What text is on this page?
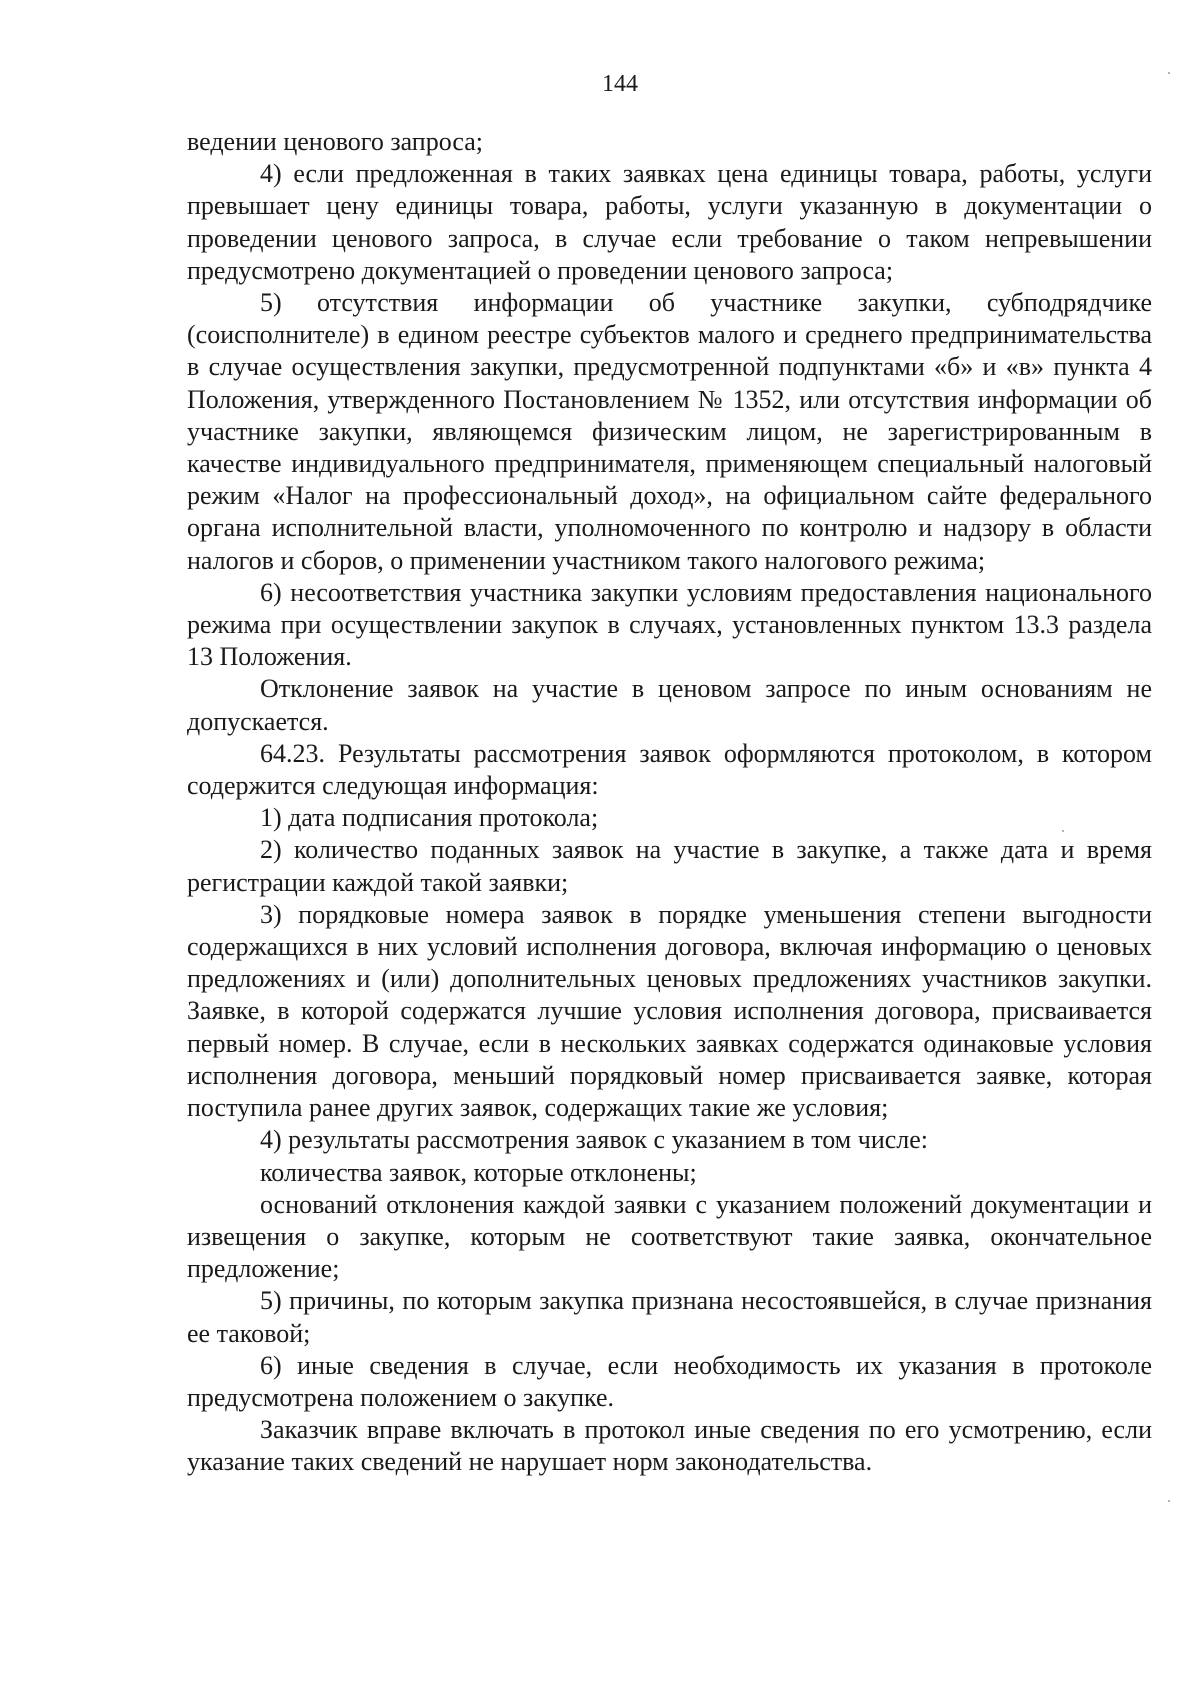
144

ведении ценового запроса;

4) если предложенная в таких заявках цена единицы товара, работы, услуги превышает цену единицы товара, работы, услуги указанную в документации о проведении ценового запроса, в случае если требование о таком непревышении предусмотрено документацией о проведении ценового запроса;

5) отсутствия информации об участнике закупки, субподрядчике (соисполнителе) в едином реестре субъектов малого и среднего предпринимательства в случае осуществления закупки, предусмотренной подпунктами «б» и «в» пункта 4 Положения, утвержденного Постановлением № 1352, или отсутствия информации об участнике закупки, являющемся физическим лицом, не зарегистрированным в качестве индивидуального предпринимателя, применяющем специальный налоговый режим «Налог на профессиональный доход», на официальном сайте федерального органа исполнительной власти, уполномоченного по контролю и надзору в области налогов и сборов, о применении участником такого налогового режима;

6) несоответствия участника закупки условиям предоставления национального режима при осуществлении закупок в случаях, установленных пунктом 13.3 раздела 13 Положения.

Отклонение заявок на участие в ценовом запросе по иным основаниям не допускается.

64.23. Результаты рассмотрения заявок оформляются протоколом, в котором содержится следующая информация:

1) дата подписания протокола;

2) количество поданных заявок на участие в закупке, а также дата и время регистрации каждой такой заявки;

3) порядковые номера заявок в порядке уменьшения степени выгодности содержащихся в них условий исполнения договора, включая информацию о ценовых предложениях и (или) дополнительных ценовых предложениях участников закупки. Заявке, в которой содержатся лучшие условия исполнения договора, присваивается первый номер. В случае, если в нескольких заявках содержатся одинаковые условия исполнения договора, меньший порядковый номер присваивается заявке, которая поступила ранее других заявок, содержащих такие же условия;

4) результаты рассмотрения заявок с указанием в том числе:

количества заявок, которые отклонены;

оснований отклонения каждой заявки с указанием положений документации и извещения о закупке, которым не соответствуют такие заявка, окончательное предложение;

5) причины, по которым закупка признана несостоявшейся, в случае признания ее таковой;

6) иные сведения в случае, если необходимость их указания в протоколе предусмотрена положением о закупке.

Заказчик вправе включать в протокол иные сведения по его усмотрению, если указание таких сведений не нарушает норм законодательства.
